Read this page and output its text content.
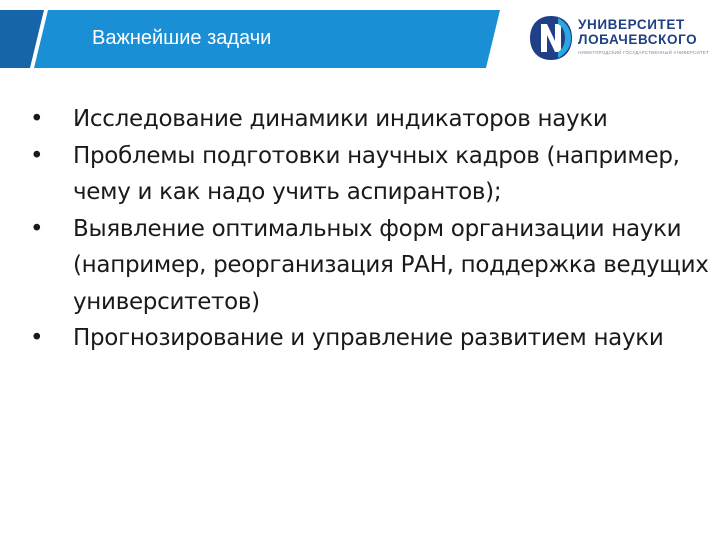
Важнейшие задачи
УНИВЕРСИТЕТ
ЛОБАЧЕВСКОГО
НИЖЕГОРОДСКИЙ ГОСУДАРСТВЕННЫЙ УНИВЕРСИТЕТ
• Исследование динамики индикаторов науки
• Проблемы подготовки научных кадров (например, чему и как надо учить аспирантов);
• Выявление оптимальных форм организации науки (например, реорганизация РАН, поддержка ведущих университетов)
• Прогнозирование и управление развитием науки
